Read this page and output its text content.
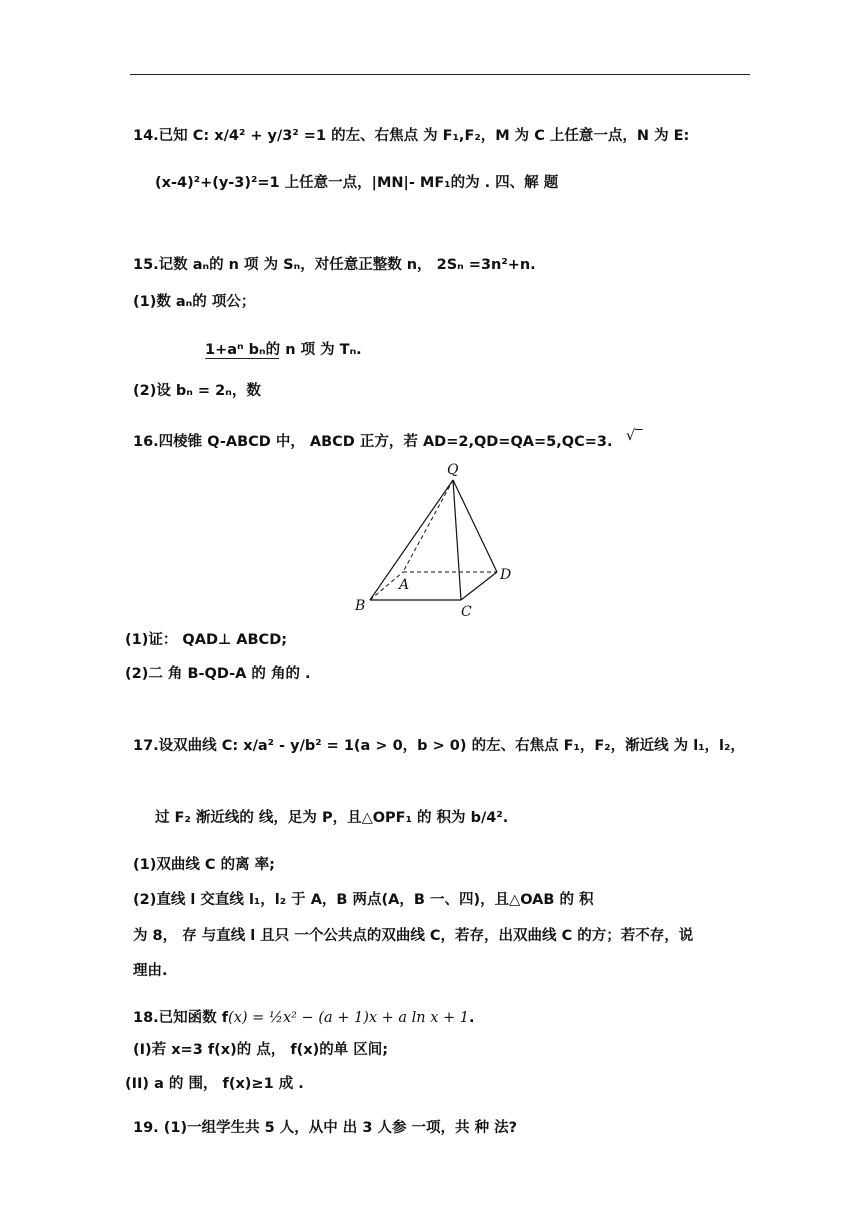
14.已知 C: x/4² + y/3² =1 的左、右焦点 为 F₁,F₂，M 为 C 上任意一点，N 为 E:
(x-4)²+(y-3)²=1 上任意一点，|MN|- MF₁的为 . 四、解 题
15.记数 aₙ的 n 项 为 Sₙ，对任意正整数 n， 2Sₙ =3n²+n.
(1)数 aₙ的 项公；
1+aⁿ bₙ的 n 项 为 Tₙ.
(2)设 bₙ = 2ₙ，数
16.四棱锥 Q-ABCD 中， ABCD 正方，若 AD=2,QD=QA=5,QC=3. √‾
Q
A
D
B	C
(1)证： QAD⊥ ABCD;
(2)二 角 B-QD-A 的 角的 .
17.设双曲线 C: x/a² - y/b² = 1(a > 0，b > 0) 的左、右焦点 F₁，F₂，渐近线 为 l₁，l₂，
过 F₂ 渐近线的 线，足为 P，且△OPF₁ 的 积为 b/4².
(1)双曲线 C 的离 率;
(2)直线 l 交直线 l₁，l₂ 于 A，B 两点(A，B 一、四)，且△OAB 的 积
为 8， 存 与直线 l 且只 一个公共点的双曲线 C，若存，出双曲线 C 的方；若不存，说
理由.
18.已知函数 f(x) = ½x² − (a + 1)x + a ln x + 1.
(I)若 x=3 f(x)的 点， f(x)的单 区间;
(II) a 的 围， f(x)≥1 成 .
19. (1)一组学生共 5 人，从中 出 3 人参 一项，共 种 法?
